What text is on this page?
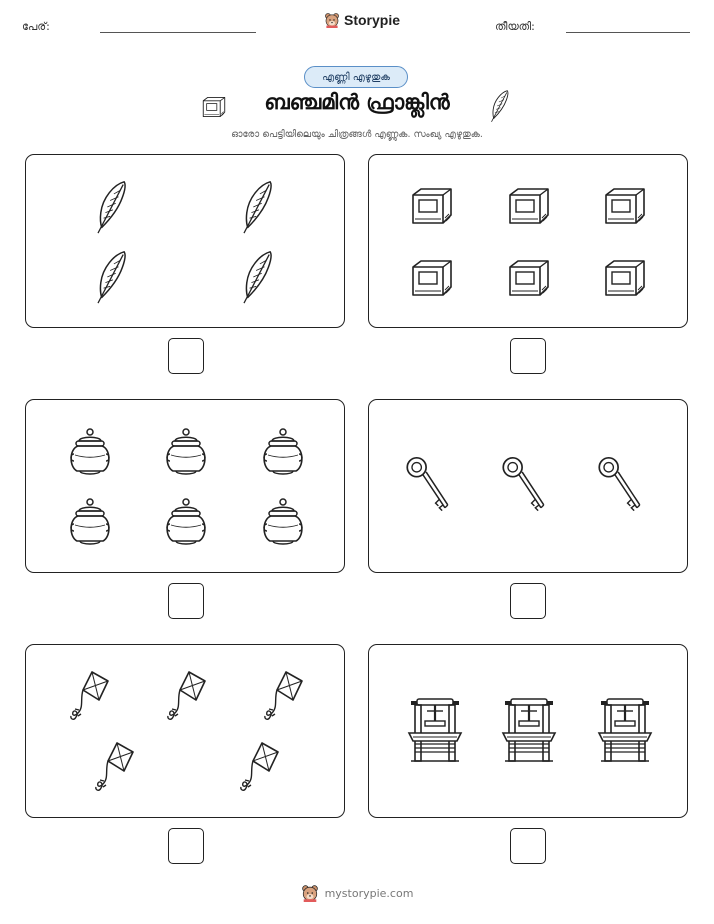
പേര്:	Storypie	തീയതി:
എണ്ണി എഴുതുക
ബഞ്ചമിൻ ഫ്രാങ്ക്ലിൻ
ഓരോ പെട്ടിയിലെയും ചിത്രങ്ങൾ എണ്ണുക. സംഖ്യ എഴുതുക.
mystorypie.com
